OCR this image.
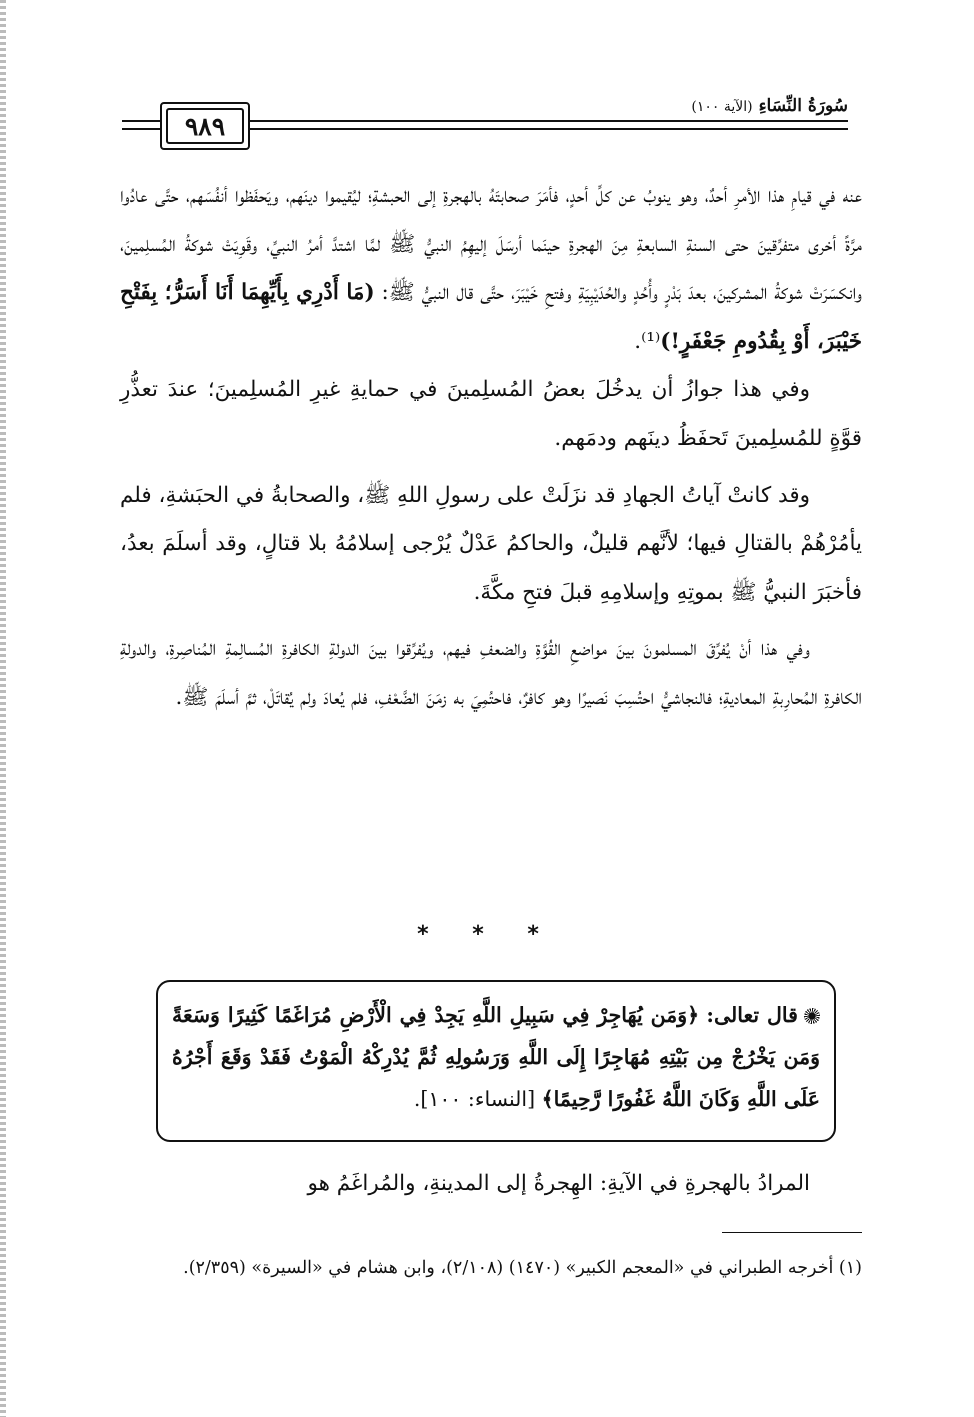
٩٨٩
سُورَةُ النِّسَاءِ (الآية ١٠٠)

عنه في قيامِ هذا الأمرِ أحدٌ، وهو ينوبُ عن كلِّ أحدٍ، فأمَرَ صحابتَهُ بالهجرةِ إلى الحبشةِ؛ ليُقيموا دينَهم، ويَحفَظوا أنفُسَهم، حتَّى عادُوا مرَّةً أخرى متفرِّقينَ حتى السنةِ السابعةِ مِنَ الهجرةِ حينَما أرسَلَ إليهِمُ النبيُّ ﷺ لمَّا اشتدَّ أمرُ النبيِّ، وقَوِيَتْ شوكةُ المُسلِمينَ، وانكسَرَتْ شوكةُ المشركينَ، بعدَ بَدْرٍ وأُحُدٍ والحُدَيْبِيَةِ وفتحِ خَيْبَرَ، حتَّى قال النبيُّ ﷺ: (مَا أَدْرِي بِأَيِّهِمَا أَنَا أَسَرُّ؛ بِفَتْحِ خَيْبَرَ، أَوْ بِقُدُومِ جَعْفَرٍ!)⁽¹⁾.

وفي هذا جوازُ أن يدخُلَ بعضُ المُسلِمينَ في حمايةِ غيرِ المُسلِمينَ؛ عندَ تعذُّرِ قوَّةٍ للمُسلِمينَ تَحفَظُ دينَهم ودمَهم.

وقد كانتْ آياتُ الجهادِ قد نزَلَتْ على رسولِ اللهِ ﷺ، والصحابةُ في الحبَشةِ، فلم يأمُرْهُمْ بالقتالِ فيها؛ لأنَّهم قليلٌ، والحاكمُ عَدْلٌ يُرْجى إسلامُهُ بلا قتالٍ، وقد أسلَمَ بعدُ، فأخبَرَ النبيُّ ﷺ بموتِهِ وإسلامِهِ قبلَ فتحِ مكَّةَ.

وفي هذا أنْ يُفرِّقَ المسلمونَ بينَ مواضعِ القُوَّةِ والضعفِ فيهم، ويُفرِّقوا بينَ الدولةِ الكافرةِ المُسالِمةِ المُناصِرةِ، والدولةِ الكافرةِ المُحارِبةِ المعاديةِ؛ فالنجاشيُّ احتُسِبَ نَصيرًا وهو كافرٌ، فاحتُمِيَ به زمَنَ الضَّعْفِ، فلم يُعادَ ولم يُقاتَلْ، ثمَّ أسلَمَ ﷺ.

* * *
قال تعالى: ﴿وَمَن يُهَاجِرْ فِي سَبِيلِ اللَّهِ يَجِدْ فِي الْأَرْضِ مُرَاغَمًا كَثِيرًا وَسَعَةً وَمَن يَخْرُجْ مِن بَيْتِهِ مُهَاجِرًا إِلَى اللَّهِ وَرَسُولِهِ ثُمَّ يُدْرِكْهُ الْمَوْتُ فَقَدْ وَقَعَ أَجْرُهُ عَلَى اللَّهِ وَكَانَ اللَّهُ غَفُورًا رَّحِيمًا﴾ [النساء: ١٠٠].

المرادُ بالهجرةِ في الآيةِ: الهِجرةُ إلى المدينةِ، والمُراغَمُ هو

(١) أخرجه الطبراني في «المعجم الكبير» (١٤٧٠) (٢/١٠٨)، وابن هشام في «السيرة» (٢/٣٥٩).
